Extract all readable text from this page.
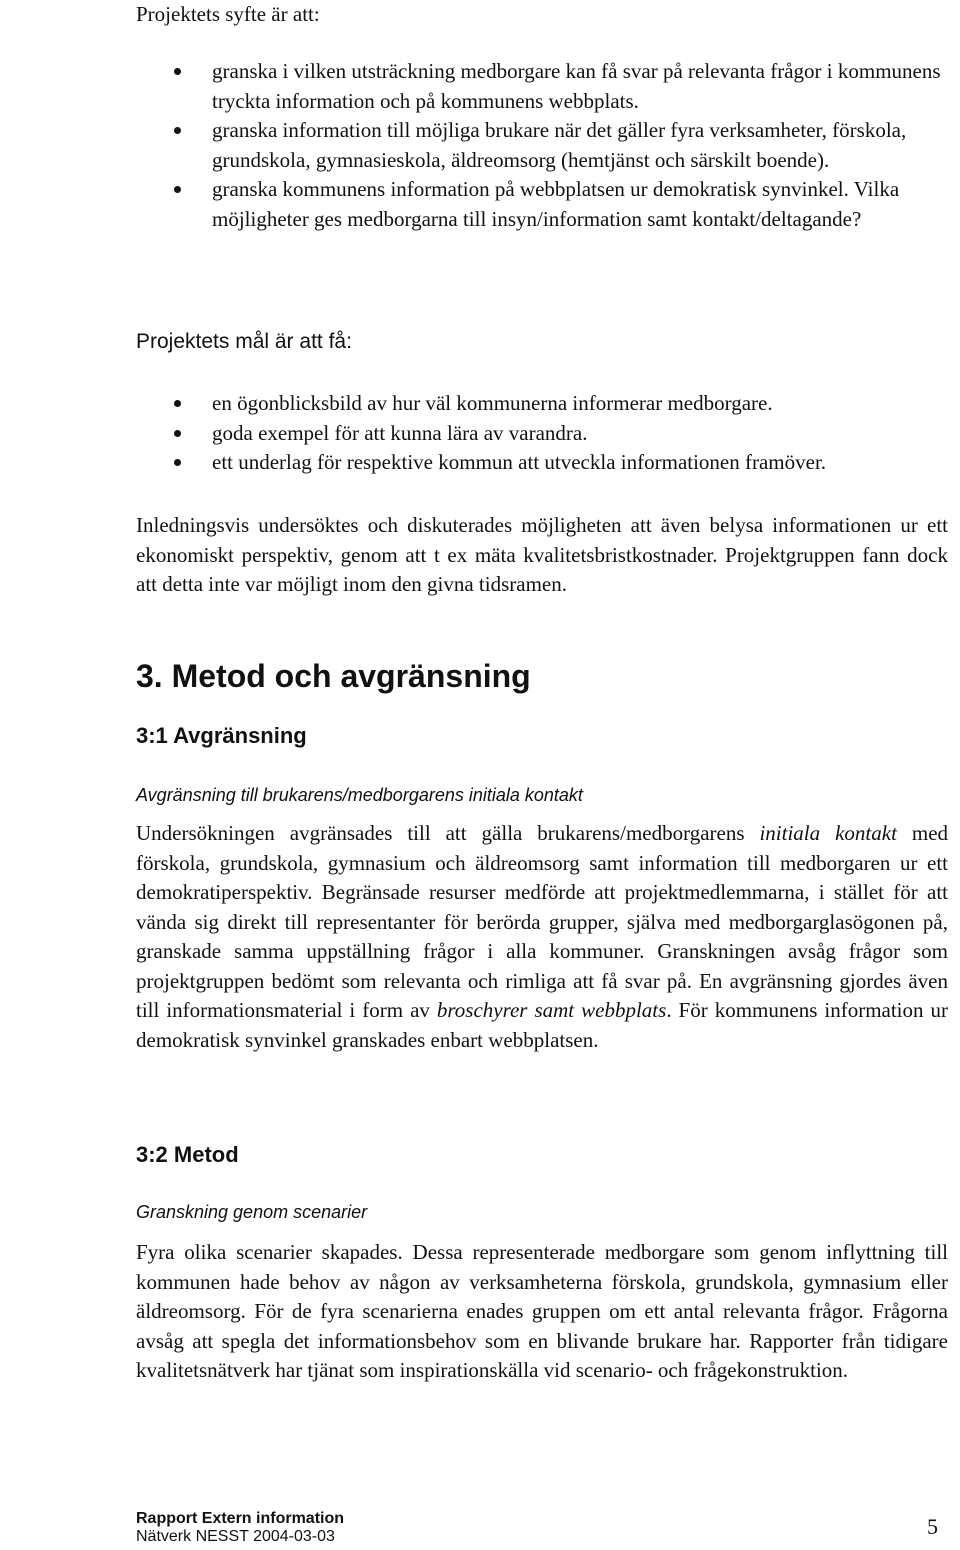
Projektets syfte är att:

granska i vilken utsträckning medborgare kan få svar på relevanta frågor i kommunens tryckta information och på kommunens webbplats.
granska information till möjliga brukare när det gäller fyra verksamheter, förskola, grundskola, gymnasieskola, äldreomsorg (hemtjänst och särskilt boende).
granska kommunens information på webbplatsen ur demokratisk synvinkel. Vilka möjligheter ges medborgarna till insyn/information samt kontakt/deltagande?

Projektets mål är att få:

en ögonblicksbild av hur väl kommunerna informerar medborgare.
goda exempel för att kunna lära av varandra.
ett underlag för respektive kommun att utveckla informationen framöver.

Inledningsvis undersöktes och diskuterades möjligheten att även belysa informationen ur ett ekonomiskt perspektiv, genom att t ex mäta kvalitetsbristkostnader. Projektgruppen fann dock att detta inte var möjligt inom den givna tidsramen.

3. Metod och avgränsning
3:1 Avgränsning
Avgränsning till brukarens/medborgarens initiala kontakt

Undersökningen avgränsades till att gälla brukarens/medborgarens initiala kontakt med förskola, grundskola, gymnasium och äldreomsorg samt information till medborgaren ur ett demokratiperspektiv. Begränsade resurser medförde att projektmedlemmarna, i stället för att vända sig direkt till representanter för berörda grupper, själva med medborgarglasögonen på, granskade samma uppställning frågor i alla kommuner. Granskningen avsåg frågor som projektgruppen bedömt som relevanta och rimliga att få svar på. En avgränsning gjordes även till informationsmaterial i form av broschyrer samt webbplats. För kommunens information ur demokratisk synvinkel granskades enbart webbplatsen.

3:2 Metod
Granskning genom scenarier

Fyra olika scenarier skapades. Dessa representerade medborgare som genom inflyttning till kommunen hade behov av någon av verksamheterna förskola, grundskola, gymnasium eller äldreomsorg. För de fyra scenarierna enades gruppen om ett antal relevanta frågor. Frågorna avsåg att spegla det informationsbehov som en blivande brukare har. Rapporter från tidigare kvalitetsnätverk har tjänat som inspirationskälla vid scenario- och frågekonstruktion.

Rapport Extern information
Nätverk NESST 2004-03-03	5
